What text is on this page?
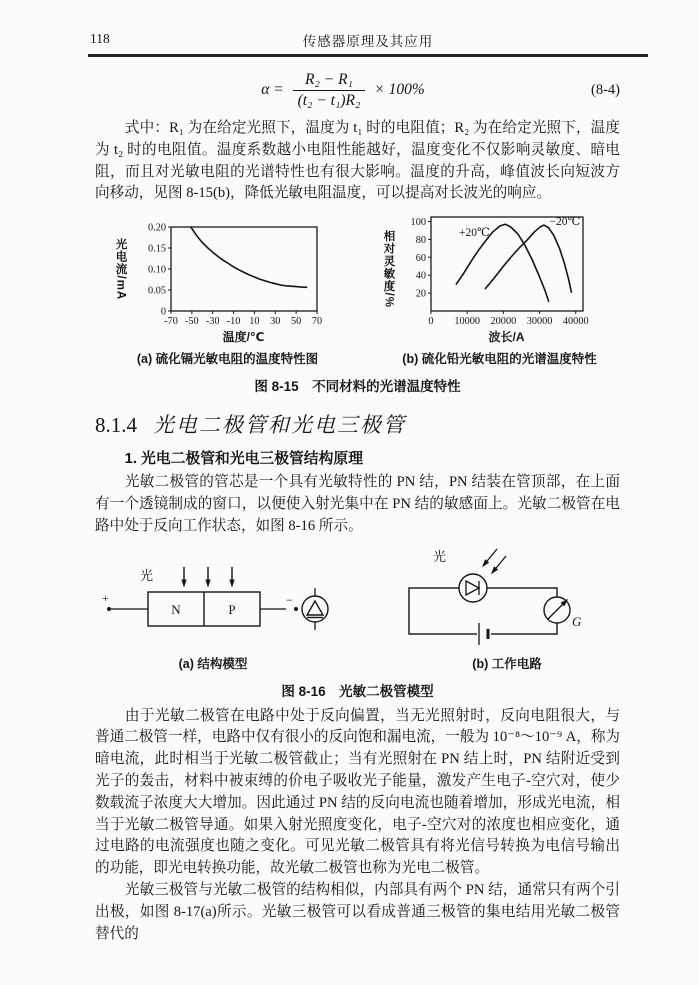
118	传感器原理及其应用
$\alpha = \frac{\text{R₂ − R₁}}{\text{(t₂ − t₁)R₂}} \times 100\%$	(8-4)

式中：R₁ 为在给定光照下，温度为 t₁ 时的电阻值；R₂ 为在给定光照下，温度为 t₂ 时的电阻值。温度系数越小电阻性能越好，温度变化不仅影响灵敏度、暗电阻，而且对光敏电阻的光谱特性也有很大影响。温度的升高，峰值波长向短波方向移动，见图 8-15(b)，降低光敏电阻温度，可以提高对长波光的响应。

光电流/mA
-70 -50 -30 -10 10 30 50 70
0
0.05
0.10
0.15
0.20
温度/℃
(a) 硫化镉光敏电阻的温度特性图
相对灵敏度/%
0 10000 20000 30000 40000
20
40
60
80
100
+20℃
−20℃
波长/A
(b) 硫化铅光敏电阻的光谱温度特性
图 8-15　不同材料的光谱温度特性
8.1.4 光电二极管和光电三极管
1. 光电二极管和光电三极管结构原理

光敏二极管的管芯是一个具有光敏特性的 PN 结，PN 结装在管顶部，在上面有一个透镜制成的窗口，以便使入射光集中在 PN 结的敏感面上。光敏二极管在电路中处于反向工作状态，如图 8-16 所示。

光
+
N	P
−
(a) 结构模型
光
G
(b) 工作电路
图 8-16　光敏二极管模型

由于光敏二极管在电路中处于反向偏置，当无光照射时，反向电阻很大，与普通二极管一样，电路中仅有很小的反向饱和漏电流，一般为 10⁻⁸～10⁻⁹ A，称为暗电流，此时相当于光敏二极管截止；当有光照射在 PN 结上时，PN 结附近受到光子的轰击，材料中被束缚的价电子吸收光子能量，激发产生电子-空穴对，使少数载流子浓度大大增加。因此通过 PN 结的反向电流也随着增加，形成光电流，相当于光敏二极管导通。如果入射光照度变化，电子-空穴对的浓度也相应变化，通过电路的电流强度也随之变化。可见光敏二极管具有将光信号转换为电信号输出的功能，即光电转换功能，故光敏二极管也称为光电二极管。

光敏三极管与光敏二极管的结构相似，内部具有两个 PN 结，通常只有两个引出极，如图 8-17(a)所示。光敏三极管可以看成普通三极管的集电结用光敏二极管替代的
